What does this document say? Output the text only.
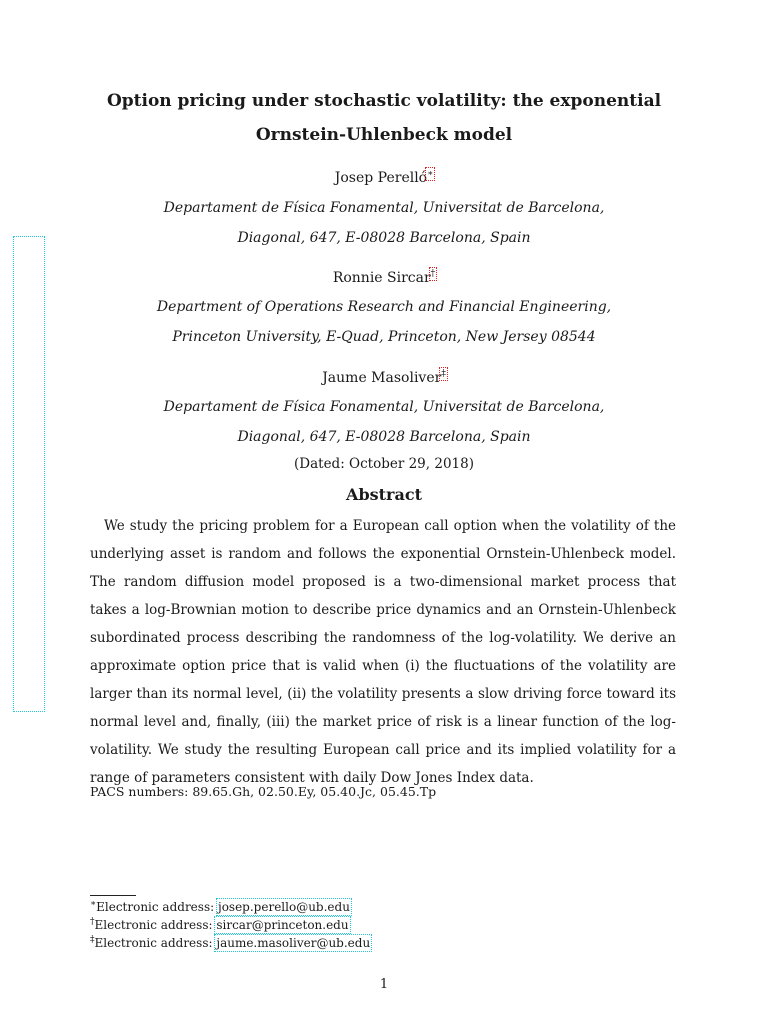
Option pricing under stochastic volatility: the exponential
Ornstein-Uhlenbeck model

Josep Perelló∗

Departament de Física Fonamental, Universitat de Barcelona,
Diagonal, 647, E-08028 Barcelona, Spain

Ronnie Sircar†

Department of Operations Research and Financial Engineering,
Princeton University, E-Quad, Princeton, New Jersey 08544

Jaume Masoliver‡

Departament de Física Fonamental, Universitat de Barcelona,
Diagonal, 647, E-08028 Barcelona, Spain

(Dated: October 29, 2018)

Abstract

We study the pricing problem for a European call option when the volatility of the underlying asset is random and follows the exponential Ornstein-Uhlenbeck model. The random diffusion model proposed is a two-dimensional market process that takes a log-Brownian motion to describe price dynamics and an Ornstein-Uhlenbeck subordinated process describing the randomness of the log-volatility. We derive an approximate option price that is valid when (i) the fluctuations of the volatility are larger than its normal level, (ii) the volatility presents a slow driving force toward its normal level and, finally, (iii) the market price of risk is a linear function of the log-volatility. We study the resulting European call price and its implied volatility for a range of parameters consistent with daily Dow Jones Index data.

PACS numbers: 89.65.Gh, 02.50.Ey, 05.40.Jc, 05.45.Tp

∗Electronic address: josep.perello@ub.edu

†Electronic address: sircar@princeton.edu

‡Electronic address: jaume.masoliver@ub.edu

1
